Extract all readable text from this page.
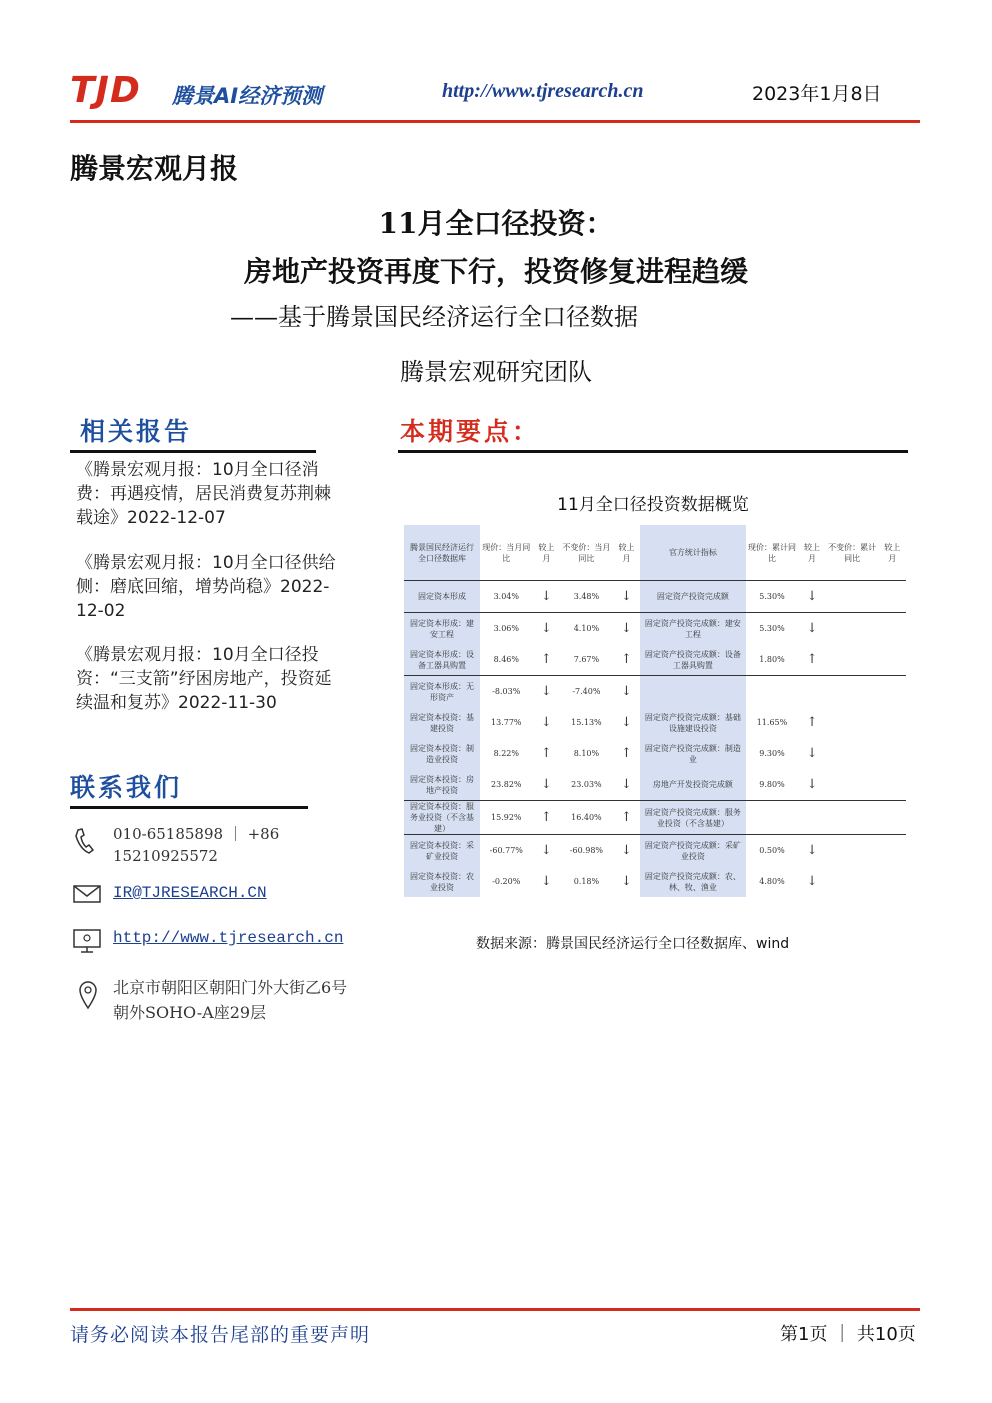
TJD 腾景AI经济预测	http://www.tjresearch.cn	2023年1月8日
腾景宏观月报
11月全口径投资：
房地产投资再度下行，投资修复进程趋缓
——基于腾景国民经济运行全口径数据
腾景宏观研究团队
相关报告
《腾景宏观月报：10月全口径消费：再遇疫情，居民消费复苏荆棘载途》2022-12-07
《腾景宏观月报：10月全口径供给侧：磨底回缩，增势尚稳》2022-12-02
《腾景宏观月报：10月全口径投资：“三支箭”纾困房地产，投资延续温和复苏》2022-11-30
联系我们
010-65185898 ｜ +86 15210925572
IR@TJRESEARCH.CN
http://www.tjresearch.cn
北京市朝阳区朝阳门外大街乙6号朝外SOHO-A座29层
本期要点：
11月全口径投资数据概览
腾景国民经济运行全口径数据库	现价：当月同比	较上月	不变价：当月同比	较上月	官方统计指标	现价：累计同比	较上月	不变价：累计同比	较上月
固定资本形成	3.04%	↓	3.48%	↓	固定资产投资完成额	5.30%	↓		
固定资本形成：建安工程	3.06%	↓	4.10%	↓	固定资产投资完成额：建安工程	5.30%	↓		
固定资本形成：设备工器具购置	8.46%	↑	7.67%	↑	固定资产投资完成额：设备工器具购置	1.80%	↑		
固定资本形成：无形资产	-8.03%	↓	-7.40%	↓					
固定资本投资：基建投资	13.77%	↓	15.13%	↓	固定资产投资完成额：基础设施建设投资	11.65%	↑		
固定资本投资：制造业投资	8.22%	↑	8.10%	↑	固定资产投资完成额：制造业	9.30%	↓		
固定资本投资：房地产投资	23.82%	↓	23.03%	↓	房地产开发投资完成额	9.80%	↓		
固定资本投资：服务业投资（不含基建）	15.92%	↑	16.40%	↑	固定资产投资完成额：服务业投资（不含基建）				
固定资本投资：采矿业投资	-60.77%	↓	-60.98%	↓	固定资产投资完成额：采矿业投资	0.50%	↓		
固定资本投资：农业投资	-0.20%	↓	0.18%	↓	固定资产投资完成额：农、林、牧、渔业	4.80%	↓		
数据来源：腾景国民经济运行全口径数据库、wind
请务必阅读本报告尾部的重要声明	第1页 ｜ 共10页
